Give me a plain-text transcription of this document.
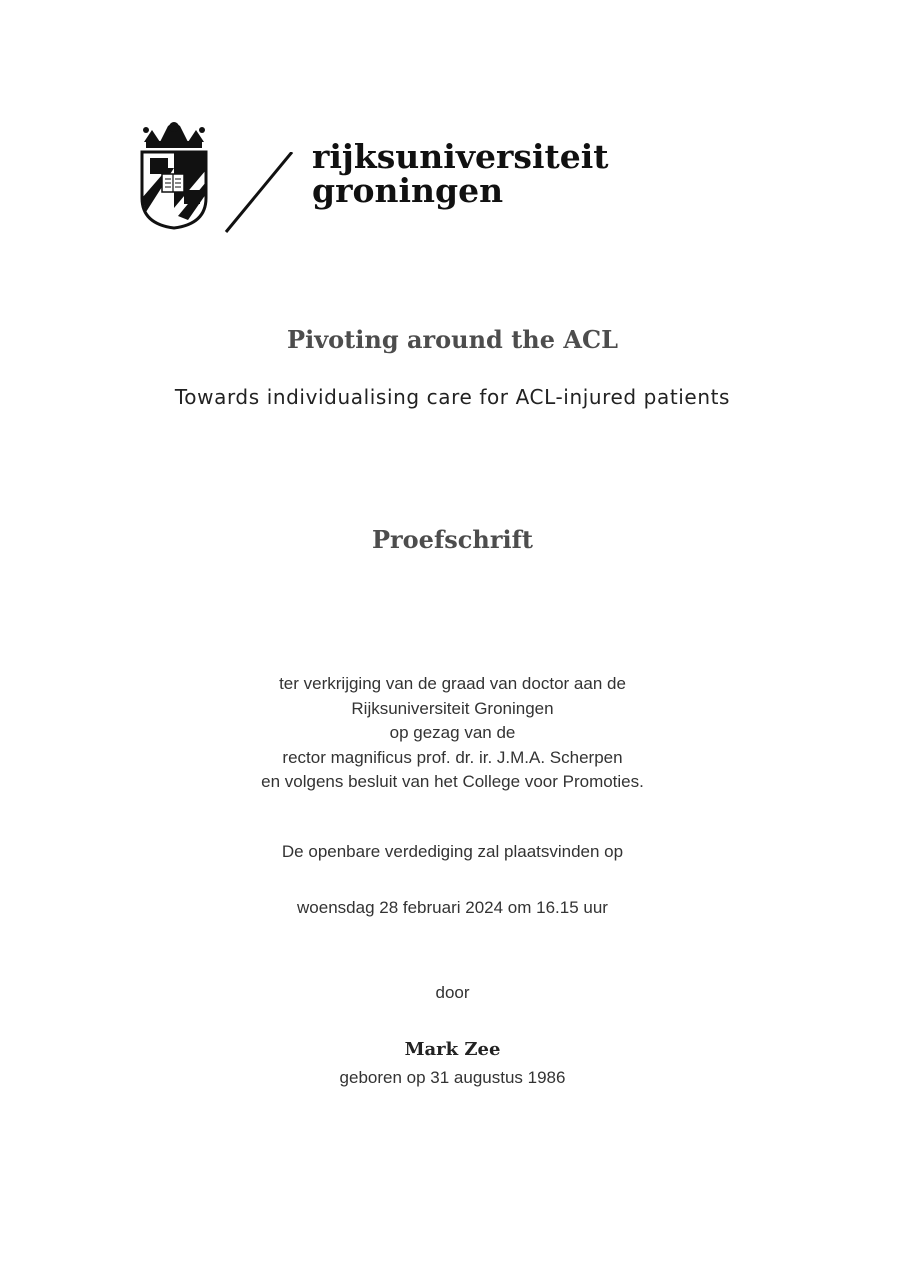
rijksuniversiteit
groningen
Pivoting around the ACL
Towards individualising care for ACL-injured patients
Proefschrift
ter verkrijging van de graad van doctor aan de
Rijksuniversiteit Groningen
op gezag van de
rector magnificus prof. dr. ir. J.M.A. Scherpen
en volgens besluit van het College voor Promoties.
De openbare verdediging zal plaatsvinden op
woensdag 28 februari 2024 om 16.15 uur
door
Mark Zee
geboren op 31 augustus 1986
